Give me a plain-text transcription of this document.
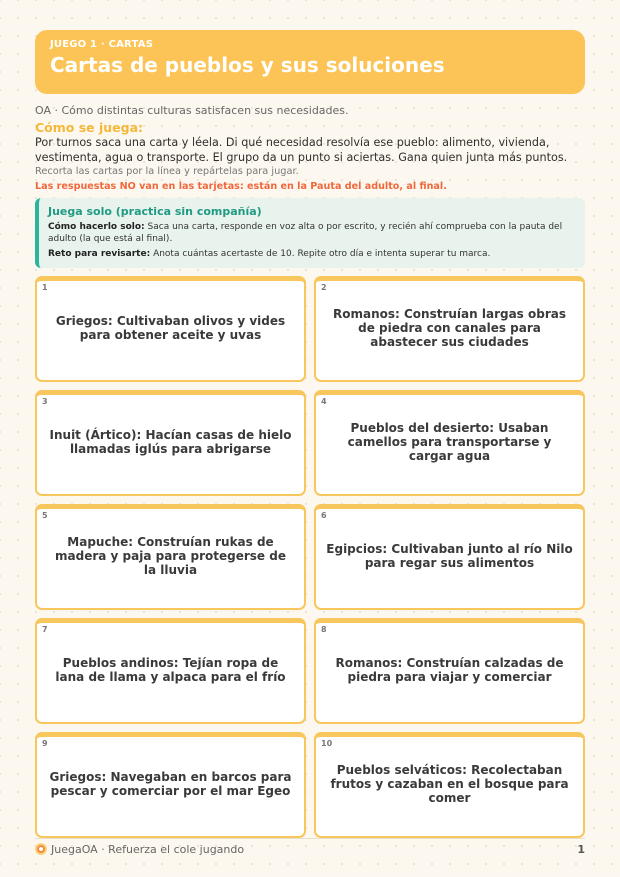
JUEGO 1 · CARTAS
Cartas de pueblos y sus soluciones
OA · Cómo distintas culturas satisfacen sus necesidades.
Cómo se juega:
Por turnos saca una carta y léela. Di qué necesidad resolvía ese pueblo: alimento, vivienda, vestimenta, agua o transporte. El grupo da un punto si aciertas. Gana quien junta más puntos.
Recorta las cartas por la línea y repártelas para jugar.
Las respuestas NO van en las tarjetas: están en la Pauta del adulto, al final.
Juega solo (practica sin compañía)
Cómo hacerlo solo: Saca una carta, responde en voz alta o por escrito, y recién ahí comprueba con la pauta del adulto (la que está al final).
Reto para revisarte: Anota cuántas acertaste de 10. Repite otro día e intenta superar tu marca.
1
Griegos: Cultivaban olivos y vides para obtener aceite y uvas
2
Romanos: Construían largas obras de piedra con canales para abastecer sus ciudades
3
Inuit (Ártico): Hacían casas de hielo llamadas iglús para abrigarse
4
Pueblos del desierto: Usaban camellos para transportarse y cargar agua
5
Mapuche: Construían rukas de madera y paja para protegerse de la lluvia
6
Egipcios: Cultivaban junto al río Nilo para regar sus alimentos
7
Pueblos andinos: Tejían ropa de lana de llama y alpaca para el frío
8
Romanos: Construían calzadas de piedra para viajar y comerciar
9
Griegos: Navegaban en barcos para pescar y comerciar por el mar Egeo
10
Pueblos selváticos: Recolectaban frutos y cazaban en el bosque para comer
JuegaOA · Refuerza el cole jugando	1
